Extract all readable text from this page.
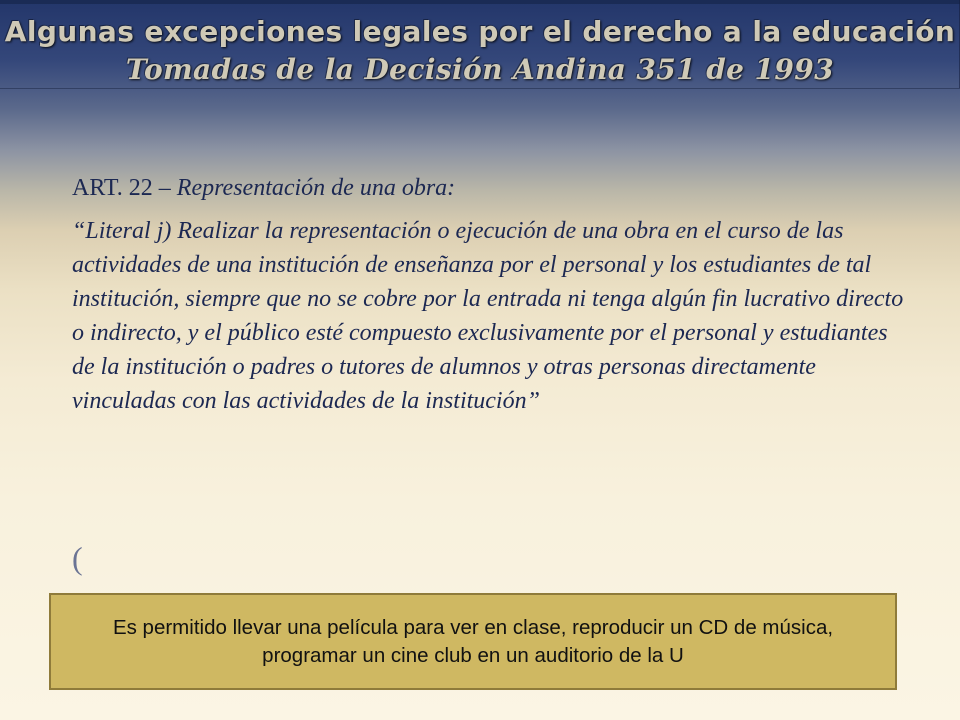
Algunas excepciones legales por el derecho a la educación
Tomadas de la Decisión Andina 351 de 1993

ART. 22 – Representación de una obra:

“Literal j) Realizar la representación o ejecución de una obra en el curso de las actividades de una institución de enseñanza por el personal y los estudiantes de tal institución, siempre que no se cobre por la entrada ni tenga algún fin lucrativo directo o indirecto, y el público esté compuesto exclusivamente por el personal y estudiantes de la institución o padres o tutores de alumnos y otras personas directamente vinculadas con las actividades de la institución”

(
Es permitido llevar una película para ver en clase, reproducir un CD de música, programar un cine club en un auditorio de la U
